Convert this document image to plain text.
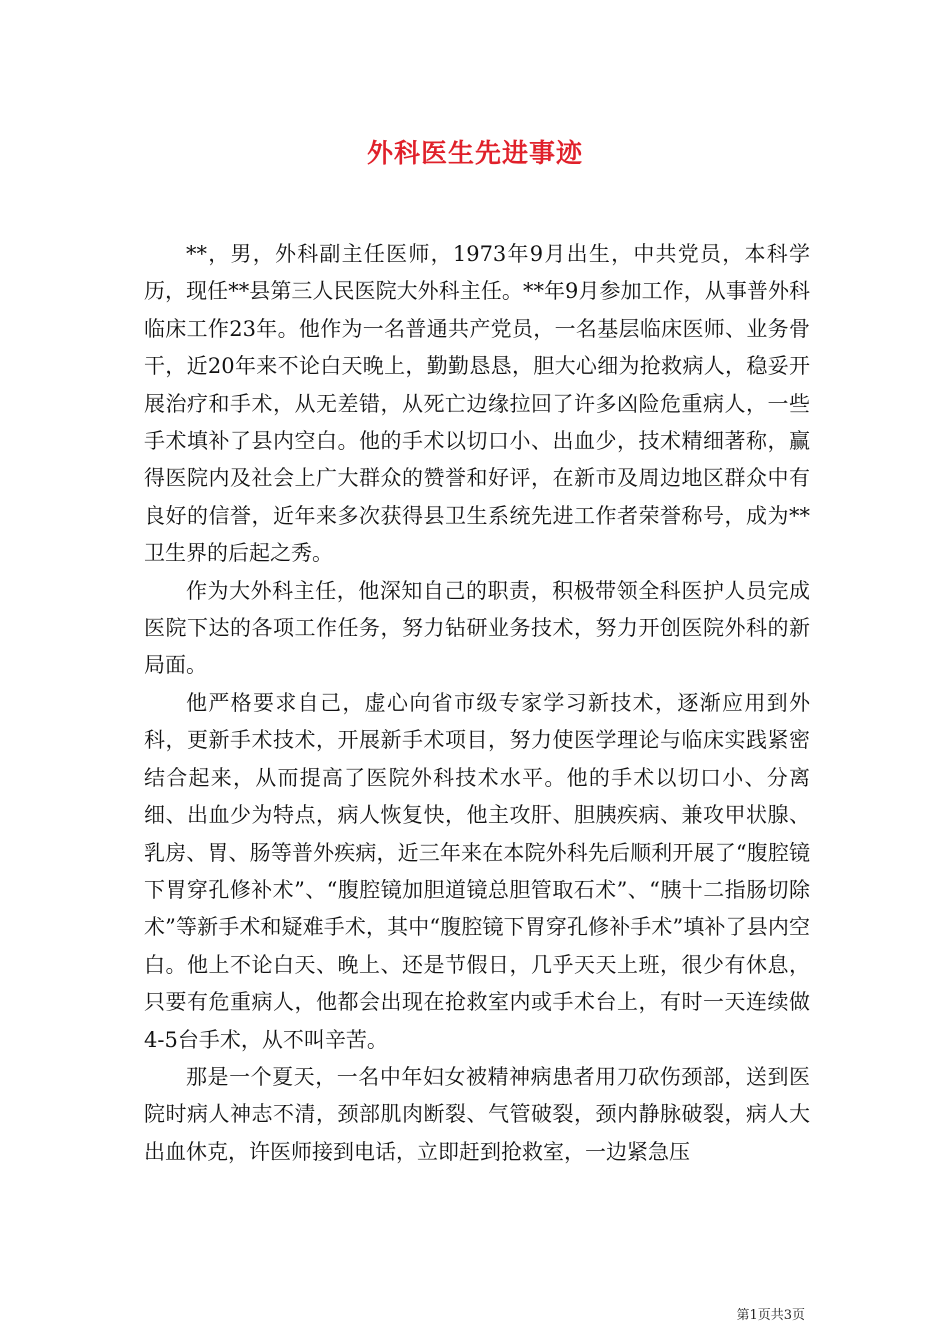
外科医生先进事迹

**，男，外科副主任医师，1973年9月出生，中共党员，本科学历，现任**县第三人民医院大外科主任。**年9月参加工作，从事普外科临床工作23年。他作为一名普通共产党员，一名基层临床医师、业务骨干，近20年来不论白天晚上，勤勤恳恳，胆大心细为抢救病人，稳妥开展治疗和手术，从无差错，从死亡边缘拉回了许多凶险危重病人，一些手术填补了县内空白。他的手术以切口小、出血少，技术精细著称，赢得医院内及社会上广大群众的赞誉和好评，在新市及周边地区群众中有良好的信誉，近年来多次获得县卫生系统先进工作者荣誉称号，成为**卫生界的后起之秀。

作为大外科主任，他深知自己的职责，积极带领全科医护人员完成医院下达的各项工作任务，努力钻研业务技术，努力开创医院外科的新局面。

他严格要求自己，虚心向省市级专家学习新技术，逐渐应用到外科，更新手术技术，开展新手术项目，努力使医学理论与临床实践紧密结合起来，从而提高了医院外科技术水平。他的手术以切口小、分离细、出血少为特点，病人恢复快，他主攻肝、胆胰疾病、兼攻甲状腺、乳房、胃、肠等普外疾病，近三年来在本院外科先后顺利开展了“腹腔镜下胃穿孔修补术”、“腹腔镜加胆道镜总胆管取石术”、“胰十二指肠切除术”等新手术和疑难手术，其中“腹腔镜下胃穿孔修补手术”填补了县内空白。他上不论白天、晚上、还是节假日，几乎天天上班，很少有休息，只要有危重病人，他都会出现在抢救室内或手术台上，有时一天连续做4-5台手术，从不叫辛苦。

那是一个夏天，一名中年妇女被精神病患者用刀砍伤颈部，送到医院时病人神志不清，颈部肌肉断裂、气管破裂，颈内静脉破裂，病人大出血休克，许医师接到电话，立即赶到抢救室，一边紧急压

第1页共3页
